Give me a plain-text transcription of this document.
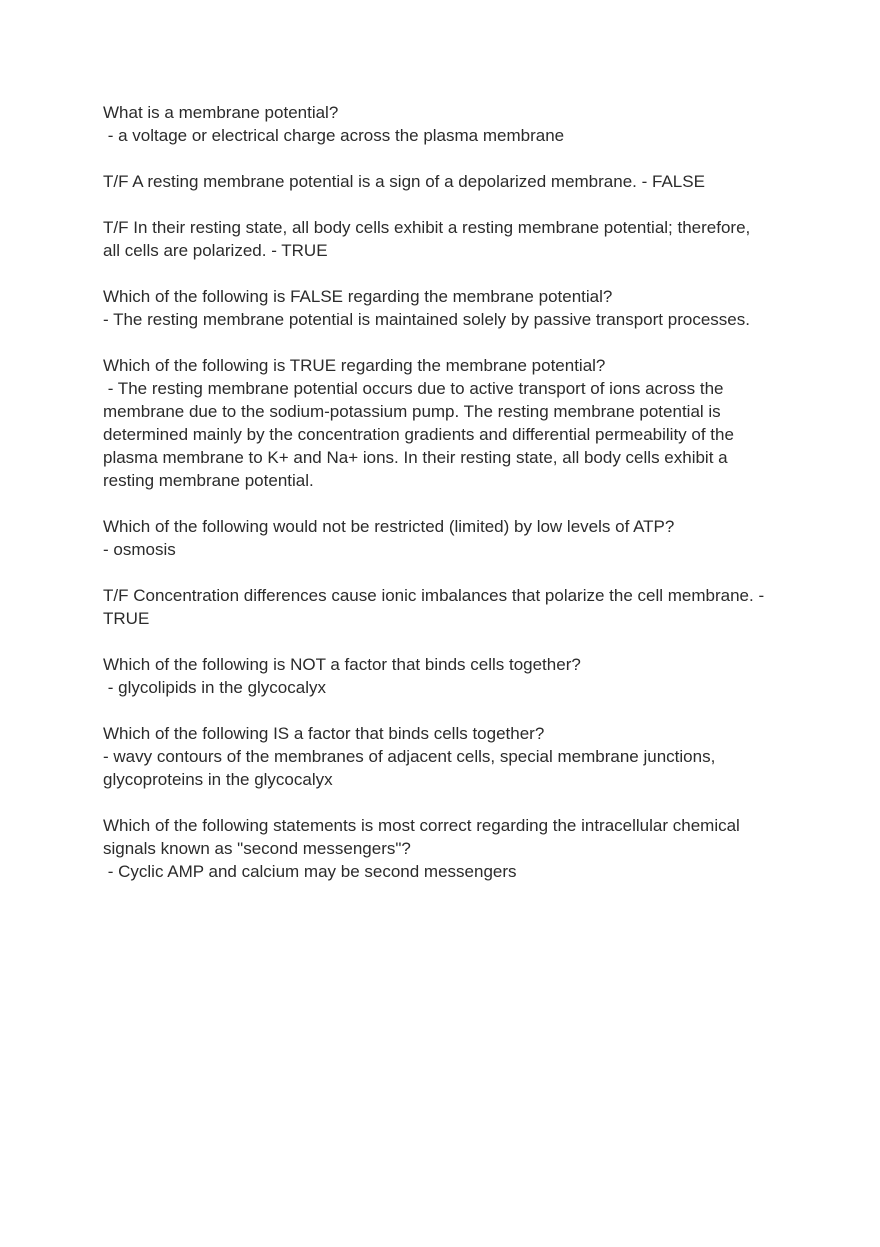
What is a membrane potential?
- a voltage or electrical charge across the plasma membrane
T/F A resting membrane potential is a sign of a depolarized membrane. - FALSE
T/F In their resting state, all body cells exhibit a resting membrane potential; therefore,
all cells are polarized. - TRUE
Which of the following is FALSE regarding the membrane potential?
- The resting membrane potential is maintained solely by passive transport processes.
Which of the following is TRUE regarding the membrane potential?
- The resting membrane potential occurs due to active transport of ions across the
membrane due to the sodium-potassium pump. The resting membrane potential is
determined mainly by the concentration gradients and differential permeability of the
plasma membrane to K+ and Na+ ions. In their resting state, all body cells exhibit a
resting membrane potential.
Which of the following would not be restricted (limited) by low levels of ATP?
- osmosis
T/F Concentration differences cause ionic imbalances that polarize the cell membrane. -
TRUE
Which of the following is NOT a factor that binds cells together?
- glycolipids in the glycocalyx
Which of the following IS a factor that binds cells together?
- wavy contours of the membranes of adjacent cells, special membrane junctions,
glycoproteins in the glycocalyx
Which of the following statements is most correct regarding the intracellular chemical
signals known as "second messengers"?
- Cyclic AMP and calcium may be second messengers
